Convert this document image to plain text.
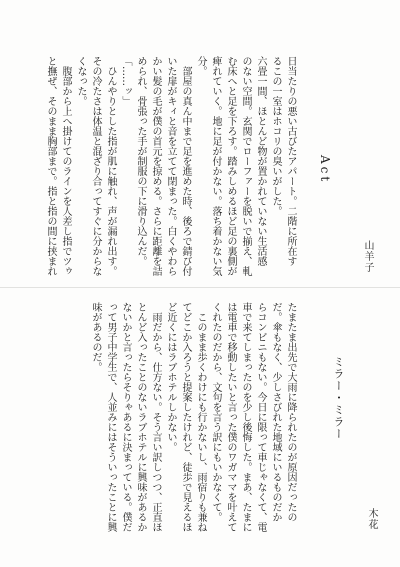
Act
山羊子
日当たりの悪い古びたアパート。二階に所在す
るこの一室はホコリの臭いがした。
六畳一間、ほとんど物が置かれていない生活感
のない空間。玄関でローファーを脱いで揃え、軋
む床へと足を下ろす。踏みしめるほど足の裏側が
痺れていく。地に足が付かない。落ち着かない気
分。
　部屋の真ん中まで足を進めた時、後ろで錆び付
いた扉がキィと音を立てて閉まった。白くやわら
かい髪の毛が僕の首元を掠める。さらに距離を詰
められ、骨張った手が制服の下に滑り込んだ。
「……ッ」
　ひんやりとした指が肌に触れ、声が漏れ出す。
その冷たさは体温と混ざり合ってすぐに分からな
くなった。
　腹部から上へ掛けてのラインを人差し指でツゥ
と撫ぜ、そのまま胸部まで。指と指の間に挟まれ
ミラー・ミラー
木花
たまたま出先で大雨に降られたのが原因だったの
だ。傘もなく、少しさびれた地域にいるものだか
らコンビニもない。今日に限って車じゃなくて、電
車で来てしまったのを少し後悔した。まあ、たまに
は電車で移動したいと言った僕のワガママを叶えて
くれたのだから、文句を言う訳にもいかなくて。
　このまま歩くわけにも行かないし、雨宿りも兼ね
てどこか入ろうと提案したけれど、徒歩で見えるほ
ど近くにはラブホテルしかない。
　雨だから、仕方ない。そう言い訳しつつ、正直ほ
とんど入ったことのないラブホテルに興味があるか
ないかと言ったらそりゃあるに決まっている。僕だ
って男子中学生で、人並みにはそういったことに興
味があるのだ。
